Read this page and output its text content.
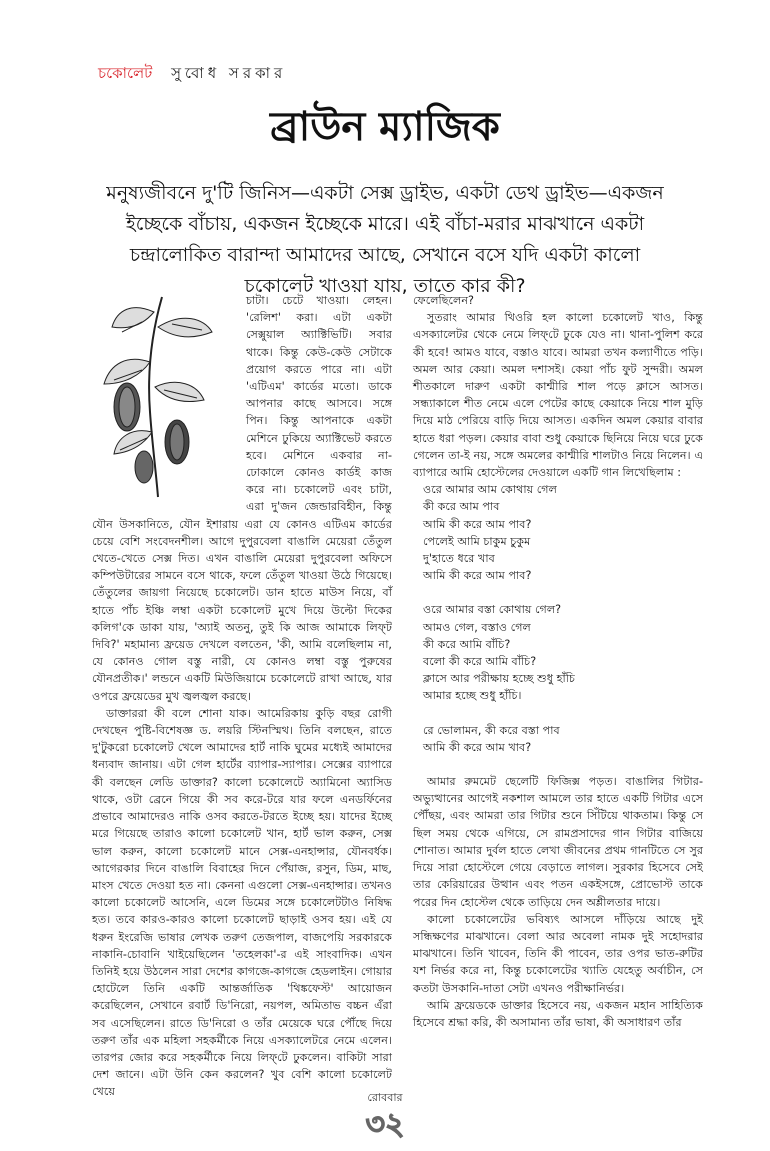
চকোলেট সুবোধ সরকার
ব্রাউন ম্যাজিক
মনুষ্যজীবনে দু'টি জিনিস—একটা সেক্স ড্রাইভ, একটা ডেথ ড্রাইভ—একজন ইচ্ছেকে বাঁচায়, একজন ইচ্ছেকে মারে। এই বাঁচা-মরার মাঝখানে একটা চন্দ্রালোকিত বারান্দা আমাদের আছে, সেখানে বসে যদি একটা কালো চকোলেট খাওয়া যায়, তাতে কার কী?

চাটা। চেটে খাওয়া। লেহন। 'রেলিশ' করা। এটা একটা সেক্সুয়াল অ্যাক্টিভিটি। সবার থাকে। কিন্তু কেউ-কেউ সেটাকে প্রয়োগ করতে পারে না। এটা 'এটিএম' কার্ডের মতো। ডাকে আপনার কাছে আসবে। সঙ্গে পিন। কিন্তু আপনাকে একটা মেশিনে ঢুকিয়ে অ্যাক্টিভেট করতে হবে। মেশিনে একবার না-ঢোকালে কোনও কার্ডই কাজ করে না। চকোলেট এবং চাটা, এরা দু'জন জেন্ডারবিহীন, কিন্তু যৌন উসকানিতে, যৌন ইশারায় এরা যে কোনও এটিএম কার্ডের চেয়ে বেশি সংবেদনশীল। আগে দুপুরবেলা বাঙালি মেয়েরা তেঁতুল খেতে-খেতে সেক্স দিত। এখন বাঙালি মেয়েরা দুপুরবেলা অফিসে কম্পিউটারের সামনে বসে থাকে, ফলে তেঁতুল খাওয়া উঠে গিয়েছে। তেঁতুলের জায়গা নিয়েছে চকোলেট। ডান হাতে মাউস নিয়ে, বাঁ হাতে পাঁচ ইঞ্চি লম্বা একটা চকোলেট মুখে দিয়ে উল্টো দিকের কলিগ'কে ডাকা যায়, 'অ্যাই অতনু, তুই কি আজ আমাকে লিফ্‌ট দিবি?' মহামান্য ফ্রয়েড দেখলে বলতেন, 'কী, আমি বলেছিলাম না, যে কোনও গোল বস্তু নারী, যে কোনও লম্বা বস্তু পুরুষের যৌনপ্রতীক।' লন্ডনে একটি মিউজিয়ামে চকোলেটে রাখা আছে, যার ওপরে ফ্রয়েডের মুখ জ্বলজ্বল করছে।

ডাক্তাররা কী বলে শোনা যাক। আমেরিকায় কুড়ি বছর রোগী দেখছেন পুষ্টি-বিশেষজ্ঞ ড. লয়রি স্টিনস্মিথ। তিনি বলছেন, রাতে দু'টুকরো চকোলেট খেলে আমাদের হার্ট নাকি ঘুমের মধ্যেই আমাদের ধন্যবাদ জানায়। এটা গেল হার্টের ব্যাপার-স্যাপার। সেক্সের ব্যাপারে কী বলছেন লেডি ডাক্তার? কালো চকোলেটে অ্যামিনো অ্যাসিড থাকে, ওটা ব্রেনে গিয়ে কী সব করে-টরে যার ফলে এনডর্ফিনের প্রভাবে আমাদেরও নাকি ওসব করতে-টরতে ইচ্ছে হয়। যাদের ইচ্ছে মরে গিয়েছে তারাও কালো চকোলেট খান, হার্ট ভাল করুন, সেক্স ভাল করুন, কালো চকোলেট মানে সেক্স-এনহান্সার, যৌনবর্ধক। আগেরকার দিনে বাঙালি বিবাহের দিনে পেঁয়াজ, রসুন, ডিম, মাছ, মাংস খেতে দেওয়া হত না। কেননা এগুলো সেক্স-এনহান্সার। তখনও কালো চকোলেট আসেনি, এলে ডিমের সঙ্গে চকোলেটটাও নিষিদ্ধ হত। তবে কারও-কারও কালো চকোলেট ছাড়াই ওসব হয়। এই যে ধরুন ইংরেজি ভাষার লেখক তরুণ তেজপাল, বাজপেয়ি সরকারকে নাকানি-চোবানি খাইয়েছিলেন 'তহেলকা'-র এই সাংবাদিক। এখন তিনিই হয়ে উঠলেন সারা দেশের কাগজে-কাগজে হেডলাইন। গোয়ার হোটেলে তিনি একটি আন্তর্জাতিক 'থিঙ্কফেস্ট' আয়োজন করেছিলেন, সেখানে রবার্ট ডি'নিরো, নয়পল, অমিতাভ বচ্চন এঁরা সব এসেছিলেন। রাতে ডি'নিরো ও তাঁর মেয়েকে ঘরে পৌঁছে দিয়ে তরুণ তাঁর এক মহিলা সহকর্মীকে নিয়ে এসক্যালেটরে নেমে এলেন। তারপর জোর করে সহকর্মীকে নিয়ে লিফ্‌টে ঢুকলেন। বাকিটা সারা দেশ জানে। এটা উনি কেন করলেন? খুব বেশি কালো চকোলেট খেয়ে

ফেলেছিলেন?

সুতরাং আমার থিওরি হল কালো চকোলেট খাও, কিন্তু এসক্যালেটর থেকে নেমে লিফ্‌টে ঢুকে যেও না। থানা-পুলিশ করে কী হবে! আমও যাবে, বস্তাও যাবে। আমরা তখন কল্যাণীতে পড়ি। অমল আর কেয়া। অমল দশাসই। কেয়া পাঁচ ফুট সুন্দরী। অমল শীতকালে দারুণ একটা কাশ্মীরি শাল পড়ে ক্লাসে আসত। সন্ধ্যাকালে শীত নেমে এলে পেটের কাছে কেয়াকে নিয়ে শাল মুড়ি দিয়ে মাঠ পেরিয়ে বাড়ি দিয়ে আসত। একদিন অমল কেয়ার বাবার হাতে ধরা পড়ল। কেয়ার বাবা শুধু কেয়াকে ছিনিয়ে নিয়ে ঘরে ঢুকে গেলেন তা-ই নয়, সঙ্গে অমলের কাশ্মীরি শালটাও নিয়ে নিলেন। এ ব্যাপারে আমি হোস্টেলের দেওয়ালে একটি গান লিখেছিলাম :

ওরে আমার আম কোথায় গেল
কী করে আম পাব
আমি কী করে আম পাব?
পেলেই আমি চাকুম চুকুম
দু'হাতে ধরে খাব
আমি কী করে আম পাব?

ওরে আমার বস্তা কোথায় গেল?
আমও গেল, বস্তাও গেল
কী করে আমি বাঁচি?
বলো কী করে আমি বাঁচি?
ক্লাসে আর পরীক্ষায় হচ্ছে শুধু হাঁচি
আমার হচ্ছে শুধু হাঁচি।

রে ভোলামন, কী করে বস্তা পাব
আমি কী করে আম খাব?

আমার রুমমেট ছেলেটি ফিজিক্স পড়ত। বাঙালির গিটার-অভ্যুত্থানের আগেই নকশাল আমলে তার হাতে একটি গিটার এসে পৌঁছয়, এবং আমরা তার গিটার শুনে সিঁটিয়ে থাকতাম। কিন্তু সে ছিল সময় থেকে এগিয়ে, সে রামপ্রসাদের গান গিটার বাজিয়ে শোনাত। আমার দুর্বল হাতে লেখা জীবনের প্রথম গানটিতে সে সুর দিয়ে সারা হোস্টেলে গেয়ে বেড়াতে লাগল। সুরকার হিসেবে সেই তার কেরিয়ারের উত্থান এবং পতন একইসঙ্গে, প্রোভোস্ট তাকে পরের দিন হোস্টেল থেকে তাড়িয়ে দেন অশ্লীলতার দায়ে।

কালো চকোলেটের ভবিষ্যৎ আসলে দাঁড়িয়ে আছে দুই সন্ধিক্ষণের মাঝখানে। বেলা আর অবেলা নামক দুই সহোদরার মাঝখানে। তিনি খাবেন, তিনি কী পাবেন, তার ওপর ভাত-রুটির যশ নির্ভর করে না, কিন্তু চকোলেটের খ্যাতি যেহেতু অর্বাচীন, সে কতটা উসকানি-দাতা সেটা এখনও পরীক্ষানির্ভর।

আমি ফ্রয়েডকে ডাক্তার হিসেবে নয়, একজন মহান সাহিত্যিক হিসেবে শ্রদ্ধা করি, কী অসামান্য তাঁর ভাষা, কী অসাধারণ তাঁর

রোববার
৩২
